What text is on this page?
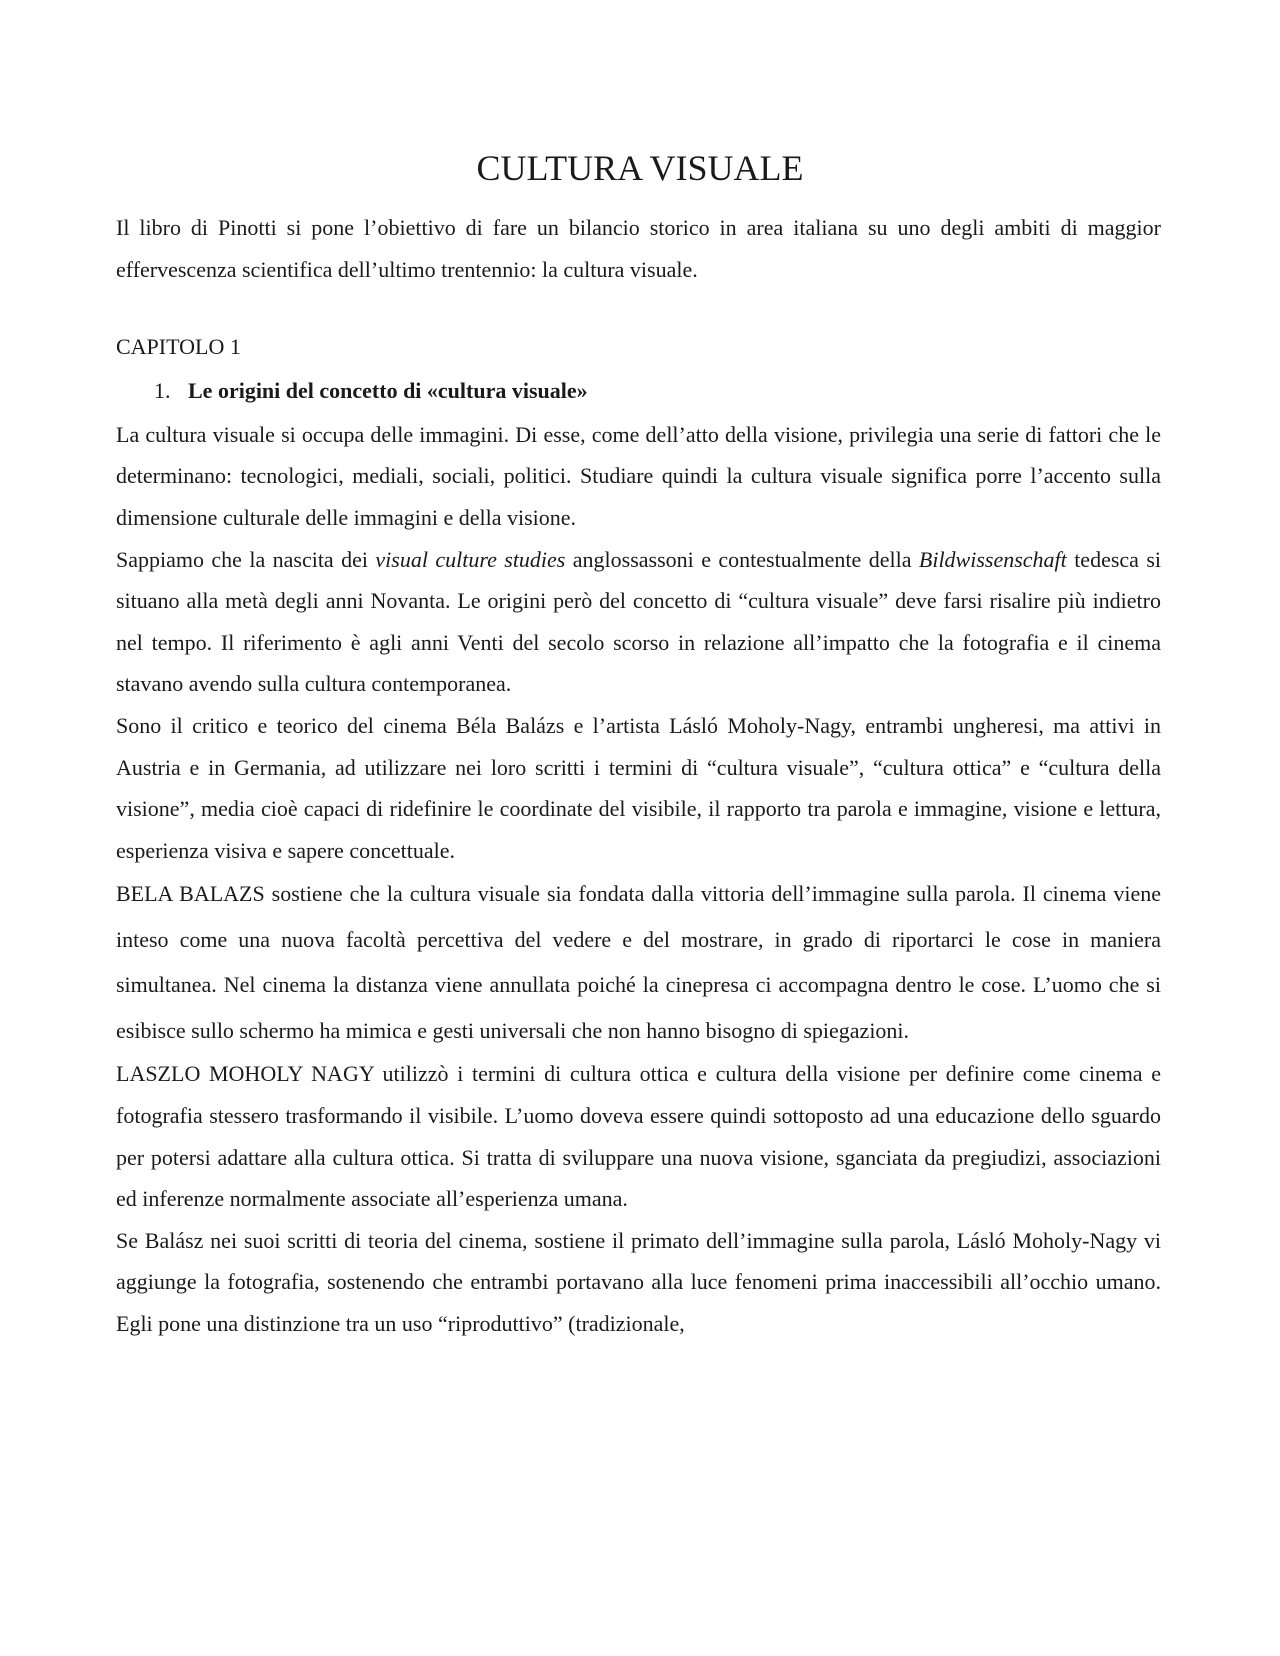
CULTURA VISUALE

Il libro di Pinotti si pone l’obiettivo di fare un bilancio storico in area italiana su uno degli ambiti di maggior effervescenza scientifica dell’ultimo trentennio: la cultura visuale.

CAPITOLO 1
1. Le origini del concetto di «cultura visuale»

La cultura visuale si occupa delle immagini. Di esse, come dell’atto della visione, privilegia una serie di fattori che le determinano: tecnologici, mediali, sociali, politici. Studiare quindi la cultura visuale significa porre l’accento sulla dimensione culturale delle immagini e della visione.

Sappiamo che la nascita dei visual culture studies anglossassoni e contestualmente della Bildwissenschaft tedesca si situano alla metà degli anni Novanta. Le origini però del concetto di “cultura visuale” deve farsi risalire più indietro nel tempo. Il riferimento è agli anni Venti del secolo scorso in relazione all’impatto che la fotografia e il cinema stavano avendo sulla cultura contemporanea.

Sono il critico e teorico del cinema Béla Balázs e l’artista Lásló Moholy-Nagy, entrambi ungheresi, ma attivi in Austria e in Germania, ad utilizzare nei loro scritti i termini di “cultura visuale”, “cultura ottica” e “cultura della visione”, media cioè capaci di ridefinire le coordinate del visibile, il rapporto tra parola e immagine, visione e lettura, esperienza visiva e sapere concettuale.

BELA BALAZS sostiene che la cultura visuale sia fondata dalla vittoria dell’immagine sulla parola. Il cinema viene inteso come una nuova facoltà percettiva del vedere e del mostrare, in grado di riportarci le cose in maniera simultanea. Nel cinema la distanza viene annullata poiché la cinepresa ci accompagna dentro le cose. L’uomo che si esibisce sullo schermo ha mimica e gesti universali che non hanno bisogno di spiegazioni.

LASZLO MOHOLY NAGY utilizzò i termini di cultura ottica e cultura della visione per definire come cinema e fotografia stessero trasformando il visibile. L’uomo doveva essere quindi sottoposto ad una educazione dello sguardo per potersi adattare alla cultura ottica. Si tratta di sviluppare una nuova visione, sganciata da pregiudizi, associazioni ed inferenze normalmente associate all’esperienza umana.

Se Balász nei suoi scritti di teoria del cinema, sostiene il primato dell’immagine sulla parola, Lásló Moholy-Nagy vi aggiunge la fotografia, sostenendo che entrambi portavano alla luce fenomeni prima inaccessibili all’occhio umano. Egli pone una distinzione tra un uso “riproduttivo” (tradizionale,
